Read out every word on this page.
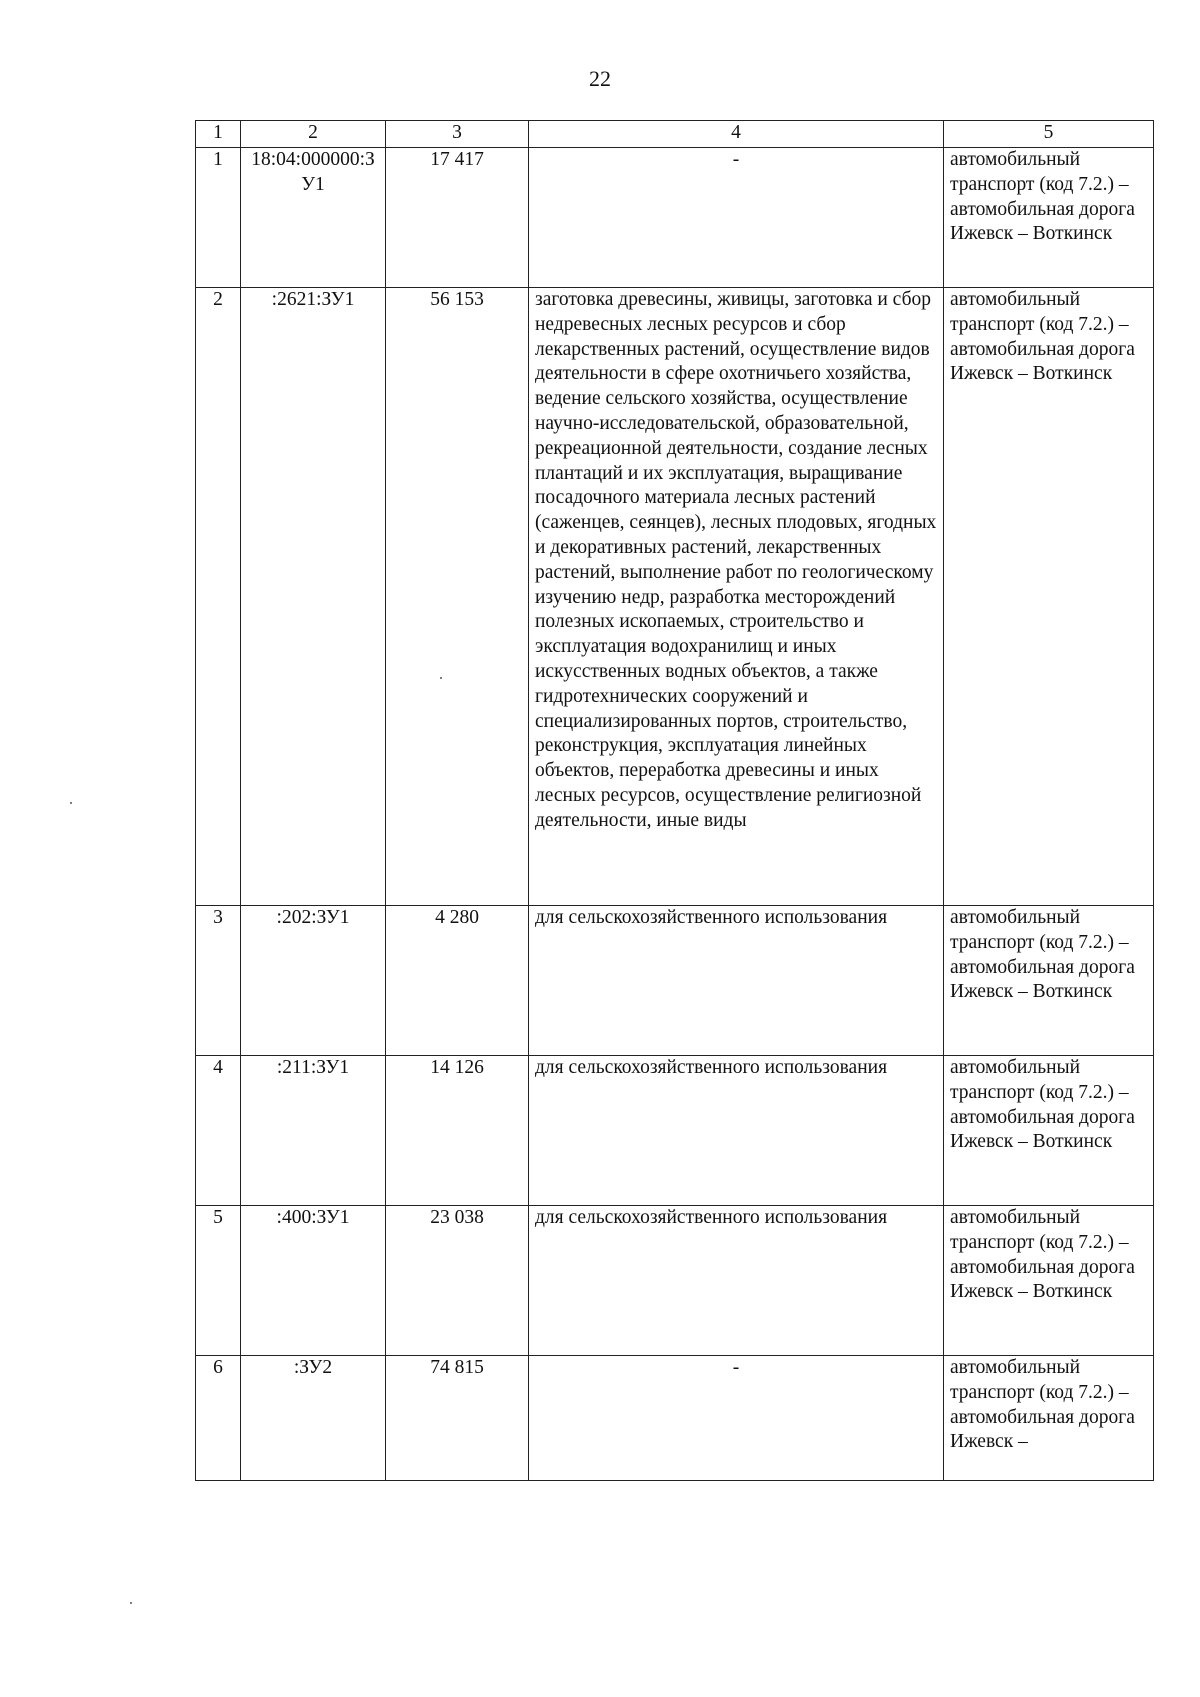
22
1	2	3	4	5
1	18:04:000000:ЗУ1	17 417	-	автомобильный транспорт (код 7.2.) – автомобильная дорога Ижевск – Воткинск
2	:2621:ЗУ1	56 153	заготовка древесины, живицы, заготовка и сбор недревесных лесных ресурсов и сбор лекарственных растений, осуществление видов деятельности в сфере охотничьего хозяйства, ведение сельского хозяйства, осуществление научно-исследовательской, образовательной, рекреационной деятельности, создание лесных плантаций и их эксплуатация, выращивание посадочного материала лесных растений (саженцев, сеянцев), лесных плодовых, ягодных и декоративных растений, лекарственных растений, выполнение работ по геологическому изучению недр, разработка месторождений полезных ископаемых, строительство и эксплуатация водохранилищ и иных искусственных водных объектов, а также гидротехнических сооружений и специализированных портов, строительство, реконструкция, эксплуатация линейных объектов, переработка древесины и иных лесных ресурсов, осуществление религиозной деятельности, иные виды	автомобильный транспорт (код 7.2.) – автомобильная дорога Ижевск – Воткинск
3	:202:ЗУ1	4 280	для сельскохозяйственного использования	автомобильный транспорт (код 7.2.) – автомобильная дорога Ижевск – Воткинск
4	:211:ЗУ1	14 126	для сельскохозяйственного использования	автомобильный транспорт (код 7.2.) – автомобильная дорога Ижевск – Воткинск
5	:400:ЗУ1	23 038	для сельскохозяйственного использования	автомобильный транспорт (код 7.2.) – автомобильная дорога Ижевск – Воткинск
6	:ЗУ2	74 815	-	автомобильный транспорт (код 7.2.) – автомобильная дорога Ижевск –
